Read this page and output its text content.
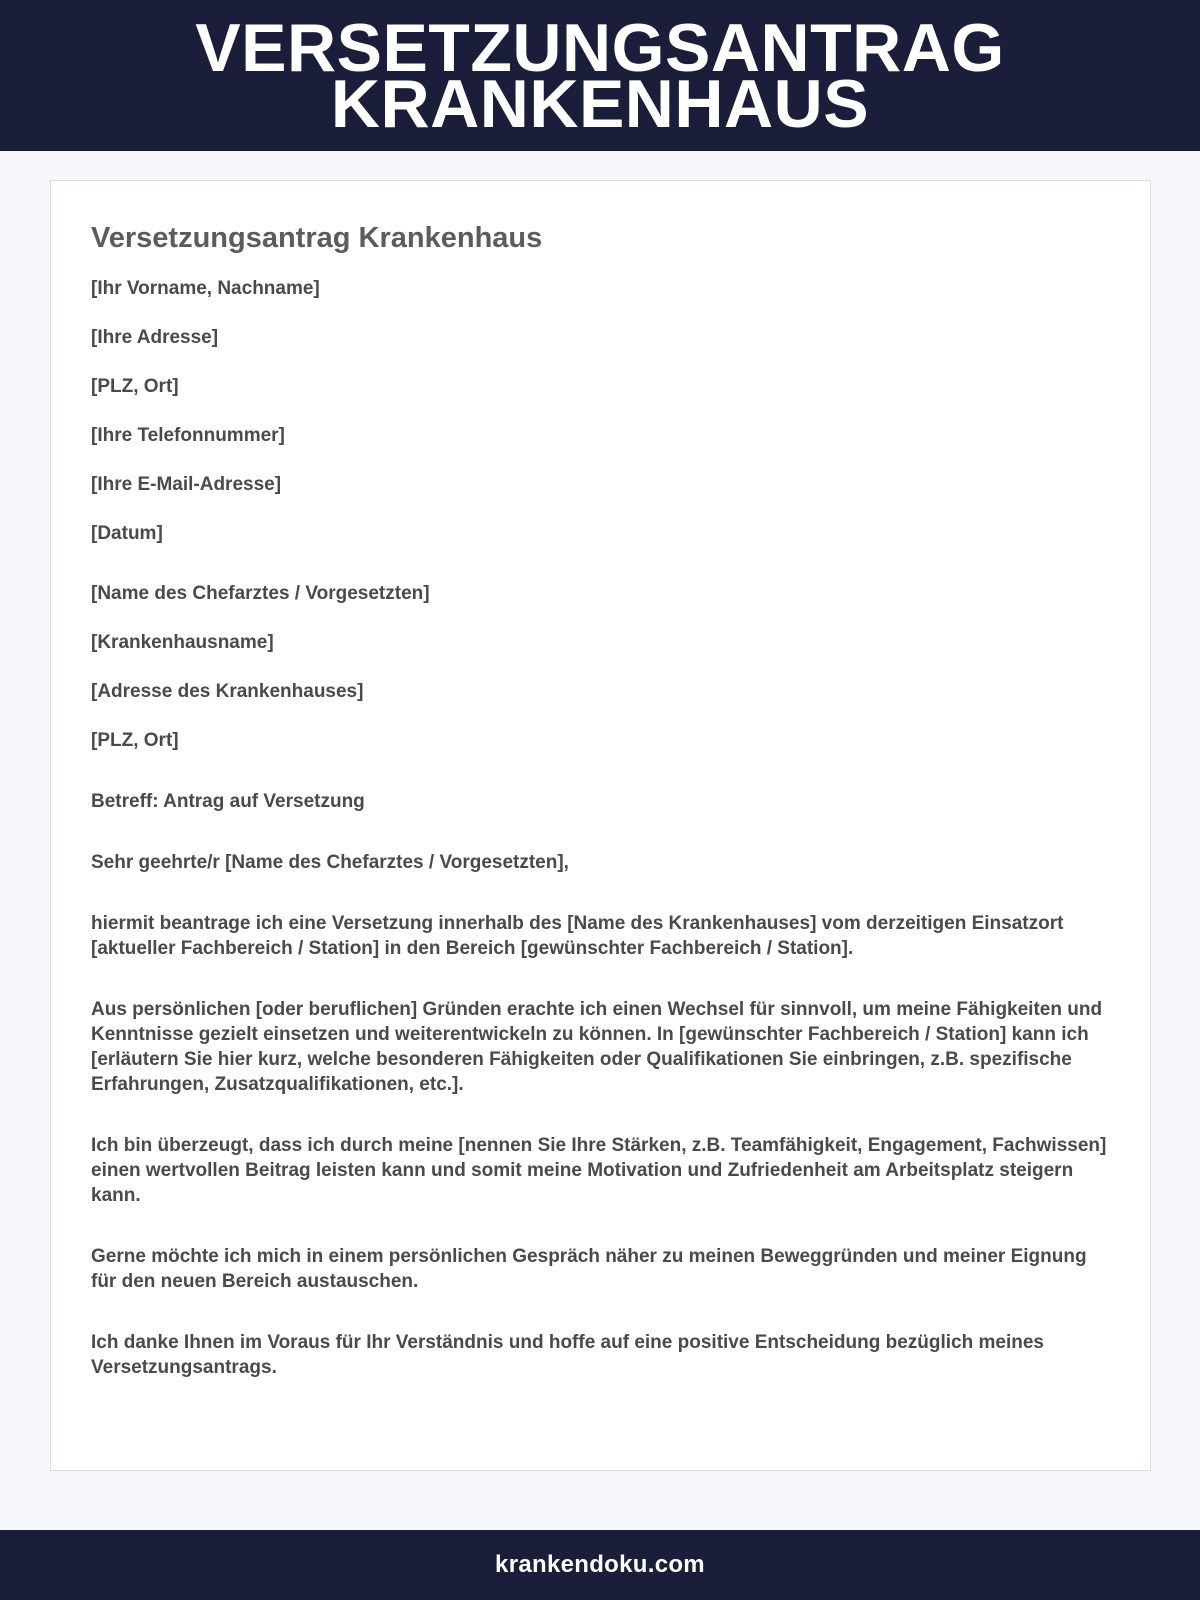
VERSETZUNGSANTRAG
KRANKENHAUS
Versetzungsantrag Krankenhaus
[Ihr Vorname, Nachname]
[Ihre Adresse]
[PLZ, Ort]
[Ihre Telefonnummer]
[Ihre E-Mail-Adresse]
[Datum]
[Name des Chefarztes / Vorgesetzten]
[Krankenhausname]
[Adresse des Krankenhauses]
[PLZ, Ort]
Betreff: Antrag auf Versetzung
Sehr geehrte/r [Name des Chefarztes / Vorgesetzten],
hiermit beantrage ich eine Versetzung innerhalb des [Name des Krankenhauses] vom derzeitigen Einsatzort [aktueller Fachbereich / Station] in den Bereich [gewünschter Fachbereich / Station].
Aus persönlichen [oder beruflichen] Gründen erachte ich einen Wechsel für sinnvoll, um meine Fähigkeiten und Kenntnisse gezielt einsetzen und weiterentwickeln zu können. In [gewünschter Fachbereich / Station] kann ich [erläutern Sie hier kurz, welche besonderen Fähigkeiten oder Qualifikationen Sie einbringen, z.B. spezifische Erfahrungen, Zusatzqualifikationen, etc.].
Ich bin überzeugt, dass ich durch meine [nennen Sie Ihre Stärken, z.B. Teamfähigkeit, Engagement, Fachwissen] einen wertvollen Beitrag leisten kann und somit meine Motivation und Zufriedenheit am Arbeitsplatz steigern kann.
Gerne möchte ich mich in einem persönlichen Gespräch näher zu meinen Beweggründen und meiner Eignung für den neuen Bereich austauschen.
Ich danke Ihnen im Voraus für Ihr Verständnis und hoffe auf eine positive Entscheidung bezüglich meines Versetzungsantrags.
krankendoku.com
